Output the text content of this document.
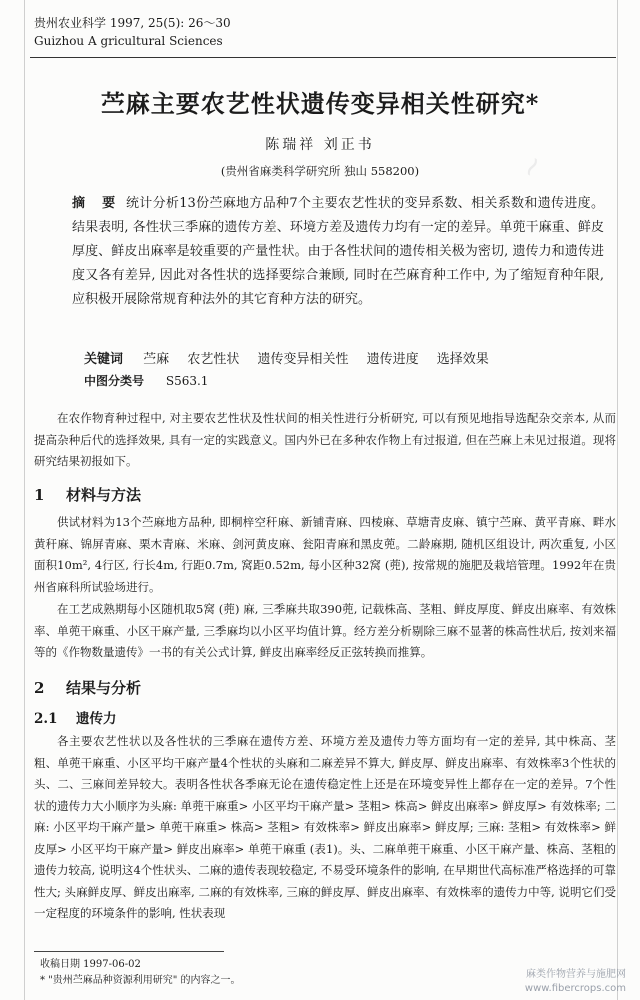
~
贵州农业科学 1997, 25(5): 26～30
Guizhou A gricultural Sciences
苎麻主要农艺性状遗传变异相关性研究*
陈瑞祥 刘正书
(贵州省麻类科学研究所 独山 558200)

摘 要 统计分析13份苎麻地方品种7个主要农艺性状的变异系数、相关系数和遗传进度。结果表明, 各性状三季麻的遗传方差、环境方差及遗传力均有一定的差异。单蔸干麻重、鲜皮厚度、鲜皮出麻率是较重要的产量性状。由于各性状间的遗传相关极为密切, 遗传力和遗传进度又各有差异, 因此对各性状的选择要综合兼顾, 同时在苎麻育种工作中, 为了缩短育种年限, 应积极开展除常规育种法外的其它育种方法的研究。

关键词 苎麻 农艺性状 遗传变异相关性 遗传进度 选择效果
中图分类号 S563.1

在农作物育种过程中, 对主要农艺性状及性状间的相关性进行分析研究, 可以有预见地指导选配杂交亲本, 从而提高杂种后代的选择效果, 具有一定的实践意义。国内外已在多种农作物上有过报道, 但在苎麻上未见过报道。现将研究结果初报如下。

1 材料与方法

供试材料为13个苎麻地方品种, 即桐梓空秆麻、新铺青麻、四棱麻、草塘青皮麻、镇宁苎麻、黄平青麻、畔水黄秆麻、锦屏青麻、栗木青麻、米麻、剑河黄皮麻、瓮阳青麻和黑皮蔸。二龄麻期, 随机区组设计, 两次重复, 小区面积10m², 4行区, 行长4m, 行距0.7m, 窝距0.52m, 每小区种32窝 (蔸), 按常规的施肥及栽培管理。1992年在贵州省麻科所试验场进行。

在工艺成熟期每小区随机取5窝 (蔸) 麻, 三季麻共取390蔸, 记载株高、茎粗、鲜皮厚度、鲜皮出麻率、有效株率、单蔸干麻重、小区干麻产量, 三季麻均以小区平均值计算。经方差分析剔除三麻不显著的株高性状后, 按刘来福等的《作物数量遗传》一书的有关公式计算, 鲜皮出麻率经反正弦转换而推算。

2 结果与分析
2.1 遗传力

各主要农艺性状以及各性状的三季麻在遗传方差、环境方差及遗传力等方面均有一定的差异, 其中株高、茎粗、单蔸干麻重、小区平均干麻产量4个性状的头麻和二麻差异不算大, 鲜皮厚、鲜皮出麻率、有效株率3个性状的头、二、三麻间差异较大。表明各性状各季麻无论在遗传稳定性上还是在环境变异性上都存在一定的差异。7个性状的遗传力大小顺序为头麻: 单蔸干麻重> 小区平均干麻产量> 茎粗> 株高> 鲜皮出麻率> 鲜皮厚> 有效株率; 二麻: 小区平均干麻产量> 单蔸干麻重> 株高> 茎粗> 有效株率> 鲜皮出麻率> 鲜皮厚; 三麻: 茎粗> 有效株率> 鲜皮厚> 小区平均干麻产量> 鲜皮出麻率> 单蔸干麻重 (表1)。头、二麻单蔸干麻重、小区干麻产量、株高、茎粗的遗传力较高, 说明这4个性状头、二麻的遗传表现较稳定, 不易受环境条件的影响, 在早期世代高标准严格选择的可靠性大; 头麻鲜皮厚、鲜皮出麻率, 二麻的有效株率, 三麻的鲜皮厚、鲜皮出麻率、有效株率的遗传力中等, 说明它们受一定程度的环境条件的影响, 性状表现

收稿日期 1997-06-02
* "贵州苎麻品种资源利用研究" 的内容之一。
麻类作物营养与施肥网
www.fibercrops.com
